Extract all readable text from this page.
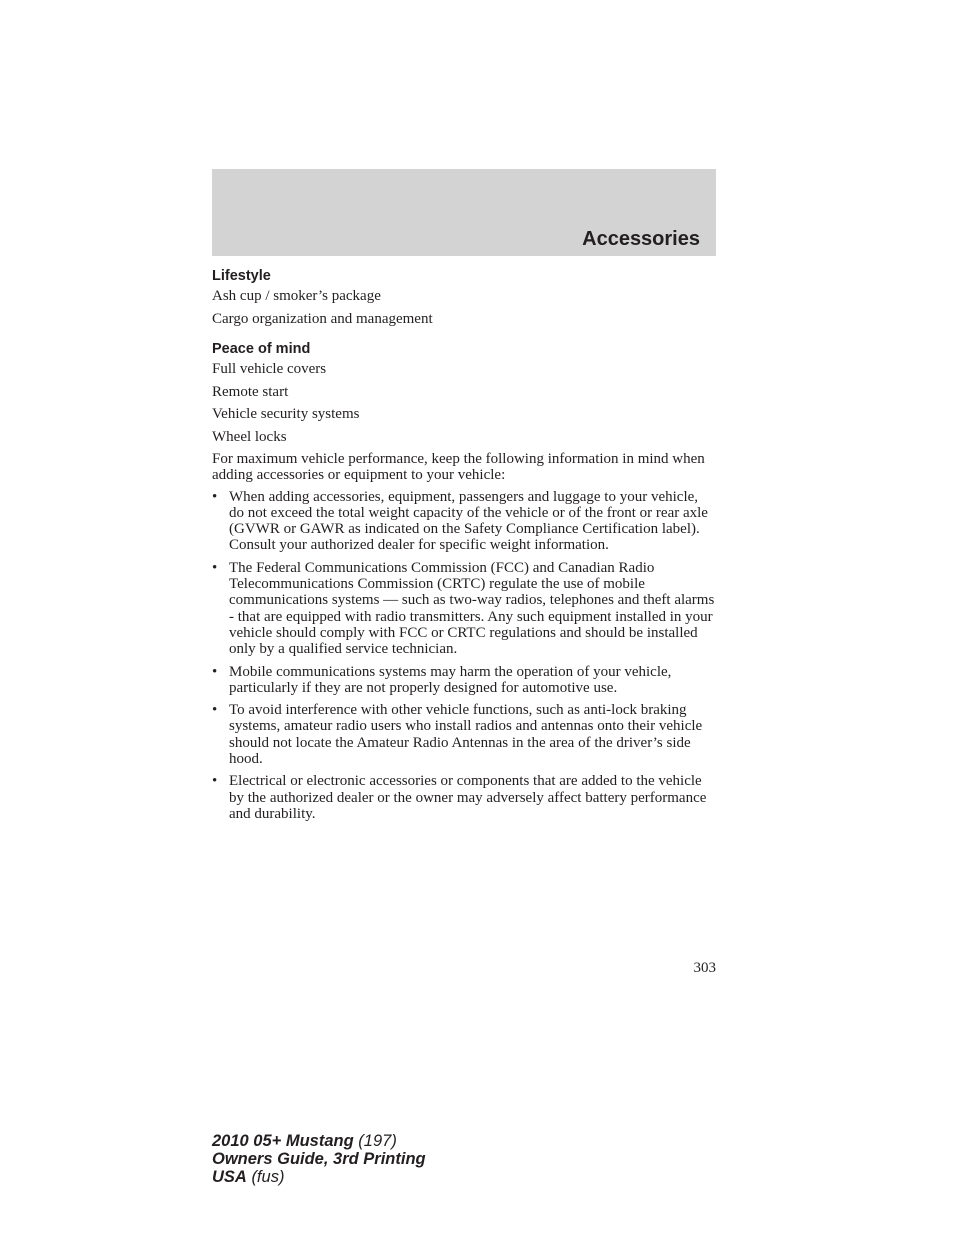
Accessories
Lifestyle

Ash cup / smoker’s package

Cargo organization and management

Peace of mind

Full vehicle covers

Remote start

Vehicle security systems

Wheel locks

For maximum vehicle performance, keep the following information in mind when adding accessories or equipment to your vehicle:

• When adding accessories, equipment, passengers and luggage to your vehicle, do not exceed the total weight capacity of the vehicle or of the front or rear axle (GVWR or GAWR as indicated on the Safety Compliance Certification label). Consult your authorized dealer for specific weight information.
• The Federal Communications Commission (FCC) and Canadian Radio Telecommunications Commission (CRTC) regulate the use of mobile communications systems — such as two-way radios, telephones and theft alarms - that are equipped with radio transmitters. Any such equipment installed in your vehicle should comply with FCC or CRTC regulations and should be installed only by a qualified service technician.
• Mobile communications systems may harm the operation of your vehicle, particularly if they are not properly designed for automotive use.
• To avoid interference with other vehicle functions, such as anti-lock braking systems, amateur radio users who install radios and antennas onto their vehicle should not locate the Amateur Radio Antennas in the area of the driver’s side hood.
• Electrical or electronic accessories or components that are added to the vehicle by the authorized dealer or the owner may adversely affect battery performance and durability.
303
2010 05+ Mustang (197)
Owners Guide, 3rd Printing
USA (fus)
